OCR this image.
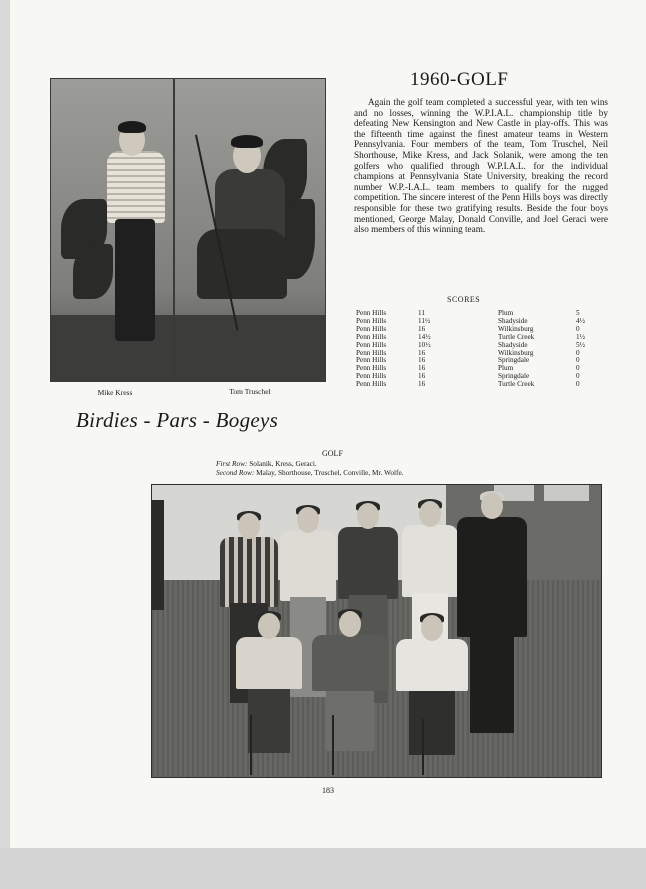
Mike Kress	Tom Truschel
1960-GOLF
Again the golf team completed a successful year, with ten wins and no losses, winning the W.P.I.A.L. championship title by defeating New Kensington and New Castle in play-offs. This was the fifteenth time against the finest amateur teams in Western Pennsylvania. Four members of the team, Tom Truschel, Neil Shorthouse, Mike Kress, and Jack Solanik, were among the ten golfers who qualified through W.P.I.A.L. for the individual champions at Pennsylvania State University, breaking the record number W.P.-I.A.L. team members to qualify for the rugged competition. The sincere interest of the Penn Hills boys was directly responsible for these two gratifying results. Beside the four boys mentioned, George Malay, Donald Conville, and Joel Geraci were also members of this winning team.
SCORES
Penn Hills	11	Plum	5
Penn Hills	11½	Shadyside	4½
Penn Hills	16	Wilkinsburg	0
Penn Hills	14½	Turtle Creek	1½
Penn Hills	10½	Shadyside	5½
Penn Hills	16	Wilkinsburg	0
Penn Hills	16	Springdale	0
Penn Hills	16	Plum	0
Penn Hills	16	Springdale	0
Penn Hills	16	Turtle Creek	0
Birdies - Pars - Bogeys
GOLF
First Row: Solanik, Kress, Geraci.
Second Row: Malay, Shorthouse, Truschel, Conville, Mr. Wolfe.
183
